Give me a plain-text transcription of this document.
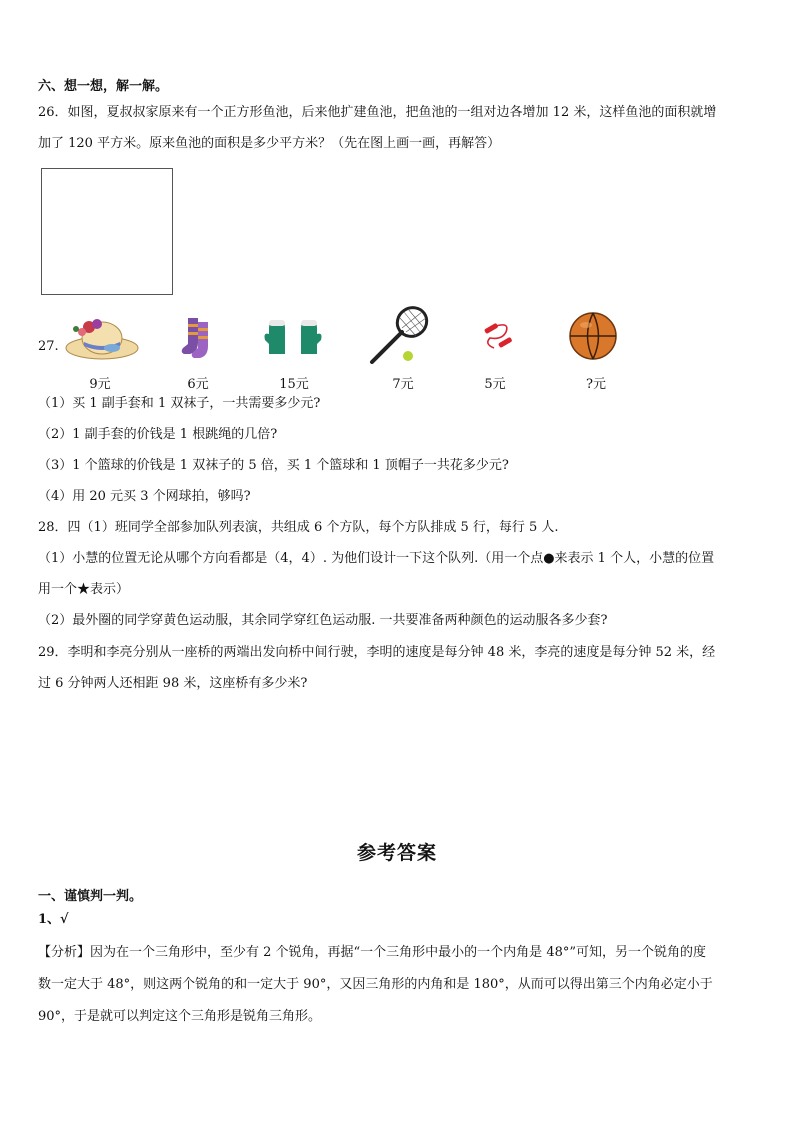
六、想一想，解一解。
26．如图，夏叔叔家原来有一个正方形鱼池，后来他扩建鱼池，把鱼池的一组对边各增加 12 米，这样鱼池的面积就增
加了 120 平方米。原来鱼池的面积是多少平方米？（先在图上画一画，再解答）
27.
9元	6元	15元	7元	5元	?元
（1）买 1 副手套和 1 双袜子，一共需要多少元?
（2）1 副手套的价钱是 1 根跳绳的几倍?
（3）1 个篮球的价钱是 1 双袜子的 5 倍，买 1 个篮球和 1 顶帽子一共花多少元?
（4）用 20 元买 3 个网球拍，够吗?
28．四（1）班同学全部参加队列表演，共组成 6 个方队，每个方队排成 5 行，每行 5 人.
（1）小慧的位置无论从哪个方向看都是（4，4）. 为他们设计一下这个队列.（用一个点●来表示 1 个人，小慧的位置
用一个★表示）
（2）最外圈的同学穿黄色运动服，其余同学穿红色运动服. 一共要准备两种颜色的运动服各多少套?
29．李明和李亮分别从一座桥的两端出发向桥中间行驶，李明的速度是每分钟 48 米，李亮的速度是每分钟 52 米，经
过 6 分钟两人还相距 98 米，这座桥有多少米?
参考答案
一、谨慎判一判。
1、√
【分析】因为在一个三角形中，至少有 2 个锐角，再据“一个三角形中最小的一个内角是 48°”可知，另一个锐角的度
数一定大于 48°，则这两个锐角的和一定大于 90°，又因三角形的内角和是 180°，从而可以得出第三个内角必定小于
90°，于是就可以判定这个三角形是锐角三角形。
